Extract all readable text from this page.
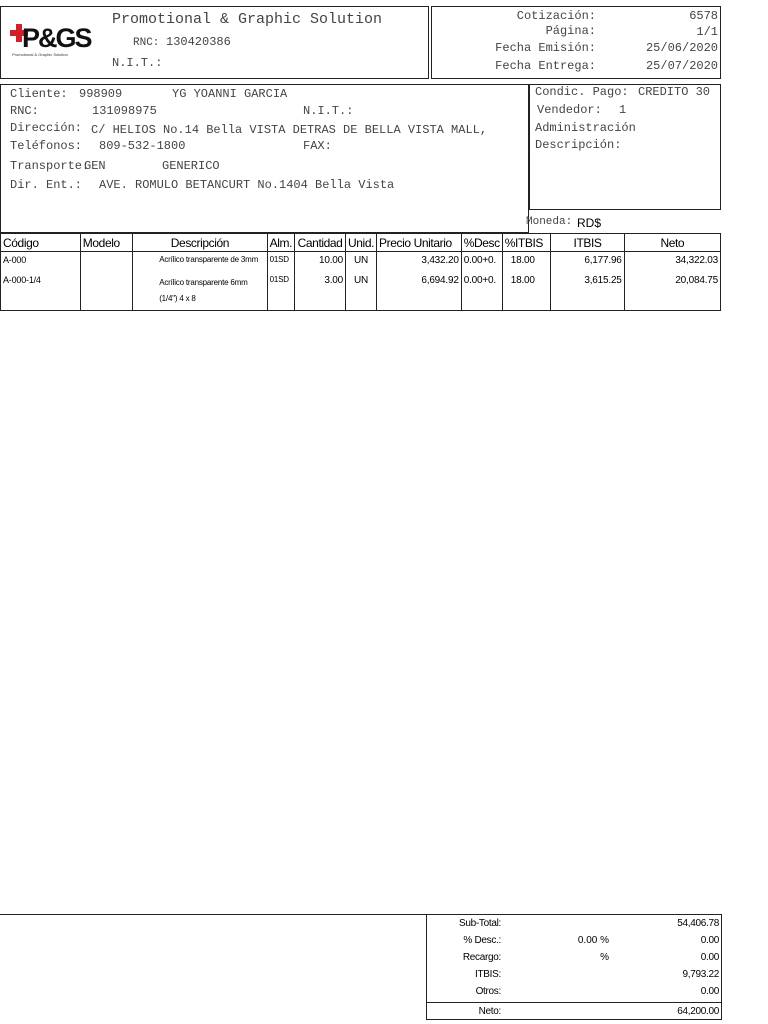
P&GS
Promotional & Graphic Solution
Promotional & Graphic Solution
RNC: 130420386
N.I.T.:
Cotización:	6578
Página:	1/1
Fecha Emisión:	25/06/2020
Fecha Entrega:	25/07/2020
Cliente: 998909	YG YOANNI GARCIA
RNC:	131098975	N.I.T.:
Dirección: C/ HELIOS No.14 Bella VISTA DETRAS DE BELLA VISTA MALL,
Teléfonos: 809-532-1800	FAX:
Transporte:
GEN	GENERICO
Dir. Ent.: AVE. ROMULO BETANCURT No.1404 Bella Vista
Condic. Pago: CREDITO 30
Vendedor: 1
Administración
Descripción:
Moneda: RD$
Código	Modelo	Descripción	Alm.	Cantidad	Unid.	Precio Unitario	%Desc	%ITBIS	ITBIS	Neto
A-000		Acrílico transparente de 3mm	01SD	10.00	UN	3,432.20	0.00+0.	18.00	6,177.96	34,322.03
A-000-1/4		Acrílico transparente 6mm (1/4") 4 x 8	01SD	3.00	UN	6,694.92	0.00+0.	18.00	3,615.25	20,084.75
Sub-Total:	54,406.78
% Desc.:	0.00 %	0.00
Recargo:	%	0.00
ITBIS:	9,793.22
Otros:	0.00
Neto:	64,200.00
